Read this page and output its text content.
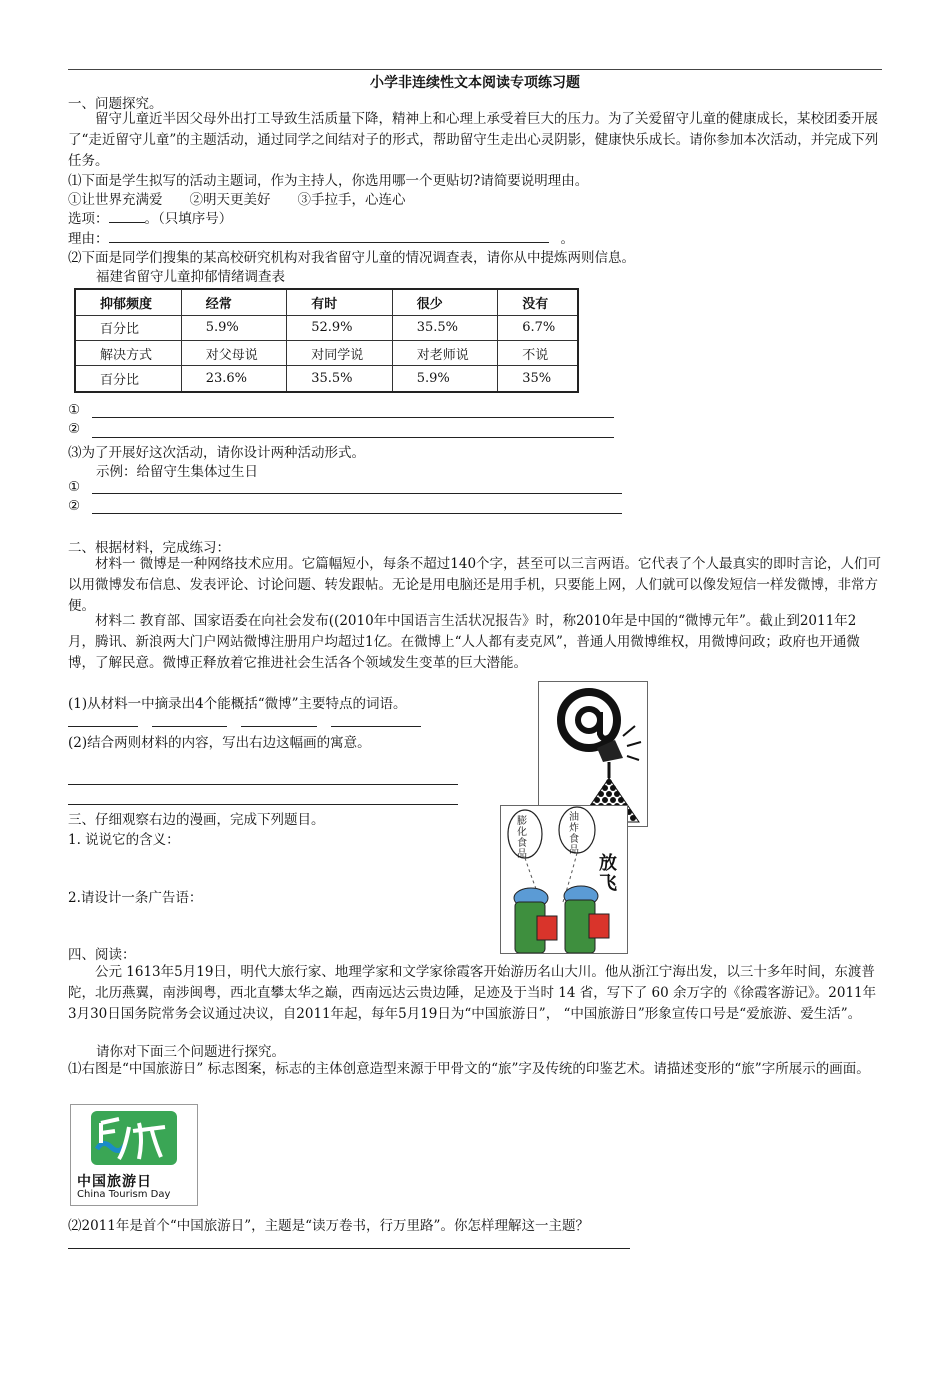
小学非连续性文本阅读专项练习题
一、问题探究。
留守儿童近半因父母外出打工导致生活质量下降，精神上和心理上承受着巨大的压力。为了关爱留守儿童的健康成长，某校团委开展了“走近留守儿童”的主题活动，通过同学之间结对子的形式，帮助留守生走出心灵阴影，健康快乐成长。请你参加本次活动，并完成下列任务。
⑴下面是学生拟写的活动主题词，作为主持人，你选用哪一个更贴切?请简要说明理由。
①让世界充满爱　　②明天更美好　　③手拉手，心连心
选项：	。（只填序号）
理由：	。
⑵下面是同学们搜集的某高校研究机构对我省留守儿童的情况调查表，请你从中提炼两则信息。
福建省留守儿童抑郁情绪调查表
抑郁频度	经常	有时	很少	没有
百分比	5.9%	52.9%	35.5%	6.7%
解决方式	对父母说	对同学说	对老师说	不说
百分比	23.6%	35.5%	5.9%	35%
①
②
⑶为了开展好这次活动，请你设计两种活动形式。
示例：给留守生集体过生日
①
②
二、根据材料，完成练习：
材料一 微博是一种网络技术应用。它篇幅短小，每条不超过140个字，甚至可以三言两语。它代表了个人最真实的即时言论，人们可以用微博发布信息、发表评论、讨论问题、转发跟帖。无论是用电脑还是用手机，只要能上网，人们就可以像发短信一样发微博，非常方便。
材料二 教育部、国家语委在向社会发布((2010年中国语言生活状况报告》时，称2010年是中国的“微博元年”。截止到2011年2月，腾讯、新浪两大门户网站微博注册用户均超过1亿。在微博上“人人都有麦克风”，普通人用微博维权，用微博问政；政府也开通微博，了解民意。微博正释放着它推进社会生活各个领域发生变革的巨大潜能。
(1)从材料一中摘录出4个能概括“微博”主要特点的词语。
(2)结合两则材料的内容，写出右边这幅画的寓意。
三、仔细观察右边的漫画，完成下列题目。
1. 说说它的含义：
2.请设计一条广告语：
膨化食品
油炸食品
放飞
四、阅读：
公元 1613年5月19日，明代大旅行家、地理学家和文学家徐霞客开始游历名山大川。他从浙江宁海出发，以三十多年时间，东渡普陀，北历燕翼，南涉闽粤，西北直攀太华之巅，西南远达云贵边陲，足迹及于当时 14 省，写下了 60 余万字的《徐霞客游记》。2011年3月30日国务院常务会议通过决议，自2011年起，每年5月19日为“中国旅游日”， “中国旅游日”形象宣传口号是“爱旅游、爱生活”。
请你对下面三个问题进行探究。
⑴右图是“中国旅游日” 标志图案，标志的主体创意造型来源于甲骨文的“旅”字及传统的印鉴艺术。请描述变形的“旅”字所展示的画面。
中国旅游日
China Tourism Day
⑵2011年是首个“中国旅游日”，主题是“读万卷书，行万里路”。你怎样理解这一主题？
